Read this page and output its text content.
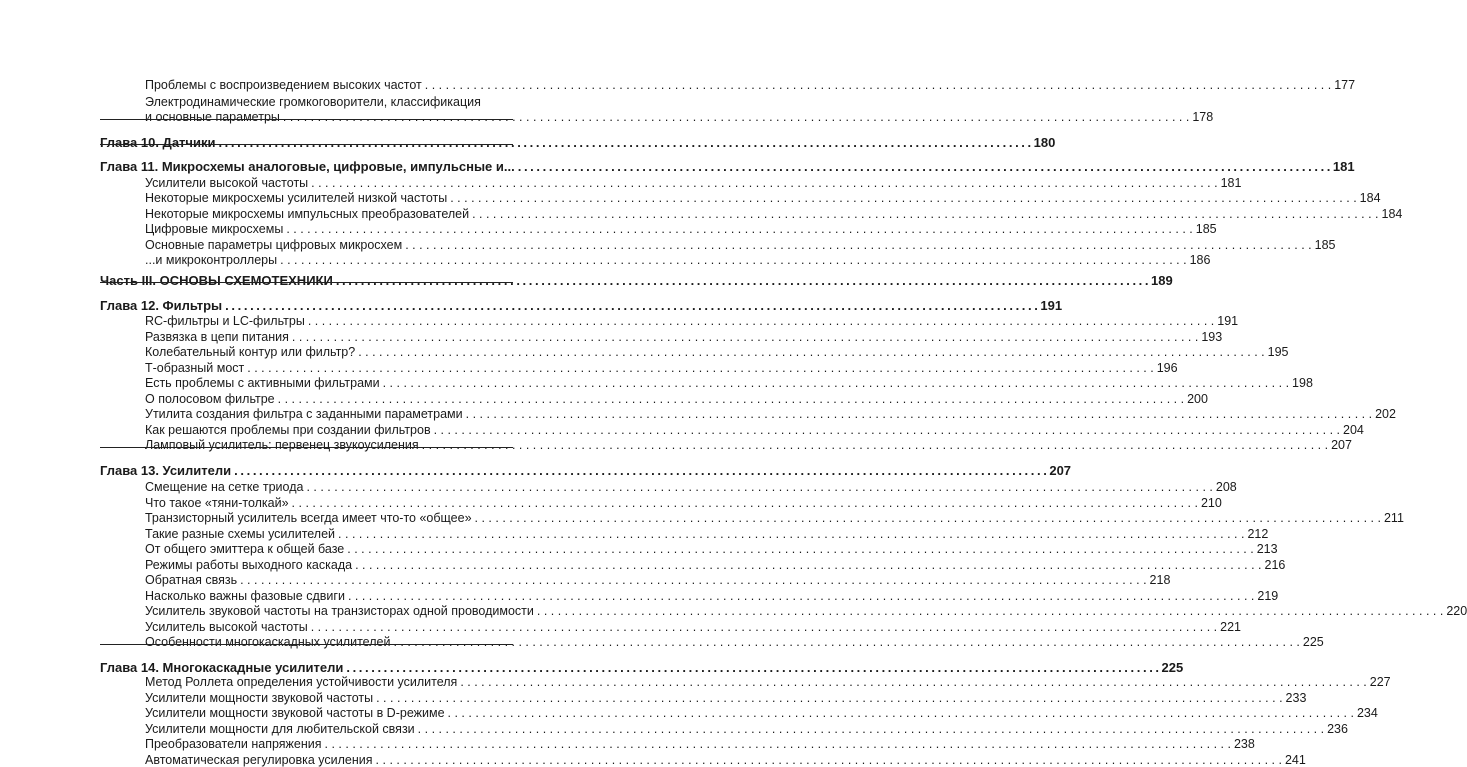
Проблемы с воспроизведением высоких частот . . .	177
Электродинамические громкоговорители, классификация
и основные параметры . . .	178
Глава 10. Датчики . . .	180
Глава 11. Микросхемы аналоговые, цифровые, импульсные и... . . .	181
Усилители высокой частоты . . .	181
Некоторые микросхемы усилителей низкой частоты . . .	184
Некоторые микросхемы импульсных преобразователей . . .	184
Цифровые микросхемы . . .	185
Основные параметры цифровых микросхем . . .	185
...и микроконтроллеры . . .	186
Часть III. ОСНОВЫ СХЕМОТЕХНИКИ . . .	189
Глава 12. Фильтры . . .	191
RC-фильтры и LC-фильтры . . .	191
Развязка в цепи питания . . .	193
Колебательный контур или фильтр? . . .	195
Т-образный мост . . .	196
Есть проблемы с активными фильтрами . . .	198
О полосовом фильтре . . .	200
Утилита создания фильтра с заданными параметрами . . .	202
Как решаются проблемы при создании фильтров . . .	204
Ламповый усилитель: первенец звукоусиления . . .	207
Глава 13. Усилители . . .	207
Смещение на сетке триода . . .	208
Что такое «тяни-толкай» . . .	210
Транзисторный усилитель всегда имеет что-то «общее» . . .	211
Такие разные схемы усилителей . . .	212
От общего эмиттера к общей базе . . .	213
Режимы работы выходного каскада . . .	216
Обратная связь . . .	218
Насколько важны фазовые сдвиги . . .	219
Усилитель звуковой частоты на транзисторах одной проводимости . . .	220
Усилитель высокой частоты . . .	221
Особенности многокаскадных усилителей . . .	225
Глава 14. Многокаскадные усилители . . .	225
Метод Роллета определения устойчивости усилителя . . .	227
Усилители мощности звуковой частоты . . .	233
Усилители мощности звуковой частоты в D-режиме . . .	234
Усилители мощности для любительской связи . . .	236
Преобразователи напряжения . . .	238
Автоматическая регулировка усиления . . .	241
